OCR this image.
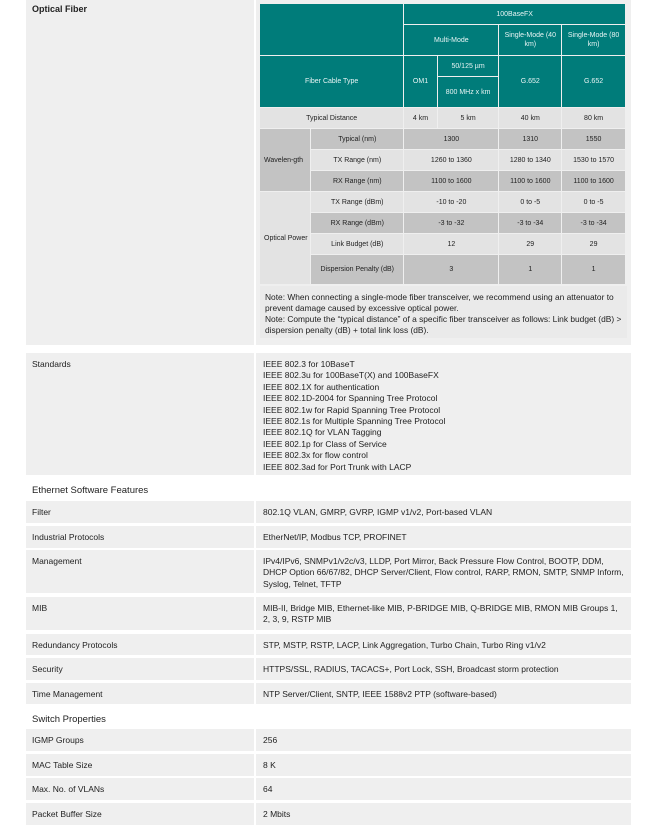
Optical Fiber
		100BaseFX			
		Multi-Mode		Single-Mode (40 km)	Single-Mode (80 km)
Fiber Cable Type		OM1	50/125 µm	G.652	G.652
			800 MHz x km		
Typical Distance		4 km	5 km	40 km	80 km
Wavelen-gth	Typical (nm)	1300		1310	1550
	TX Range (nm)	1260 to 1360		1280 to 1340	1530 to 1570
	RX Range (nm)	1100 to 1600		1100 to 1600	1100 to 1600
Optical Power	TX Range (dBm)	-10 to -20		0 to -5	0 to -5
	RX Range (dBm)	-3 to -32		-3 to -34	-3 to -34
	Link Budget (dB)	12		29	29
	Dispersion Penalty (dB)	3		1	1
Note: When connecting a single-mode fiber transceiver, we recommend using an attenuator to prevent damage caused by excessive optical power.
Note: Compute the “typical distance” of a specific fiber transceiver as follows: Link budget (dB) > dispersion penalty (dB) + total link loss (dB).
Standards	IEEE 802.3 for 10BaseT
IEEE 802.3u for 100BaseT(X) and 100BaseFX
IEEE 802.1X for authentication
IEEE 802.1D-2004 for Spanning Tree Protocol
IEEE 802.1w for Rapid Spanning Tree Protocol
IEEE 802.1s for Multiple Spanning Tree Protocol
IEEE 802.1Q for VLAN Tagging
IEEE 802.1p for Class of Service
IEEE 802.3x for flow control
IEEE 802.3ad for Port Trunk with LACP
Ethernet Software Features
Filter	802.1Q VLAN, GMRP, GVRP, IGMP v1/v2, Port-based VLAN
Industrial Protocols	EtherNet/IP, Modbus TCP, PROFINET
Management	IPv4/IPv6, SNMPv1/v2c/v3, LLDP, Port Mirror, Back Pressure Flow Control, BOOTP, DDM, DHCP Option 66/67/82, DHCP Server/Client, Flow control, RARP, RMON, SMTP, SNMP Inform, Syslog, Telnet, TFTP
MIB	MIB-II, Bridge MIB, Ethernet-like MIB, P-BRIDGE MIB, Q-BRIDGE MIB, RMON MIB Groups 1, 2, 3, 9, RSTP MIB
Redundancy Protocols	STP, MSTP, RSTP, LACP, Link Aggregation, Turbo Chain, Turbo Ring v1/v2
Security	HTTPS/SSL, RADIUS, TACACS+, Port Lock, SSH, Broadcast storm protection
Time Management	NTP Server/Client, SNTP, IEEE 1588v2 PTP (software-based)
Switch Properties
IGMP Groups	256
MAC Table Size	8 K
Max. No. of VLANs	64
Packet Buffer Size	2 Mbits
